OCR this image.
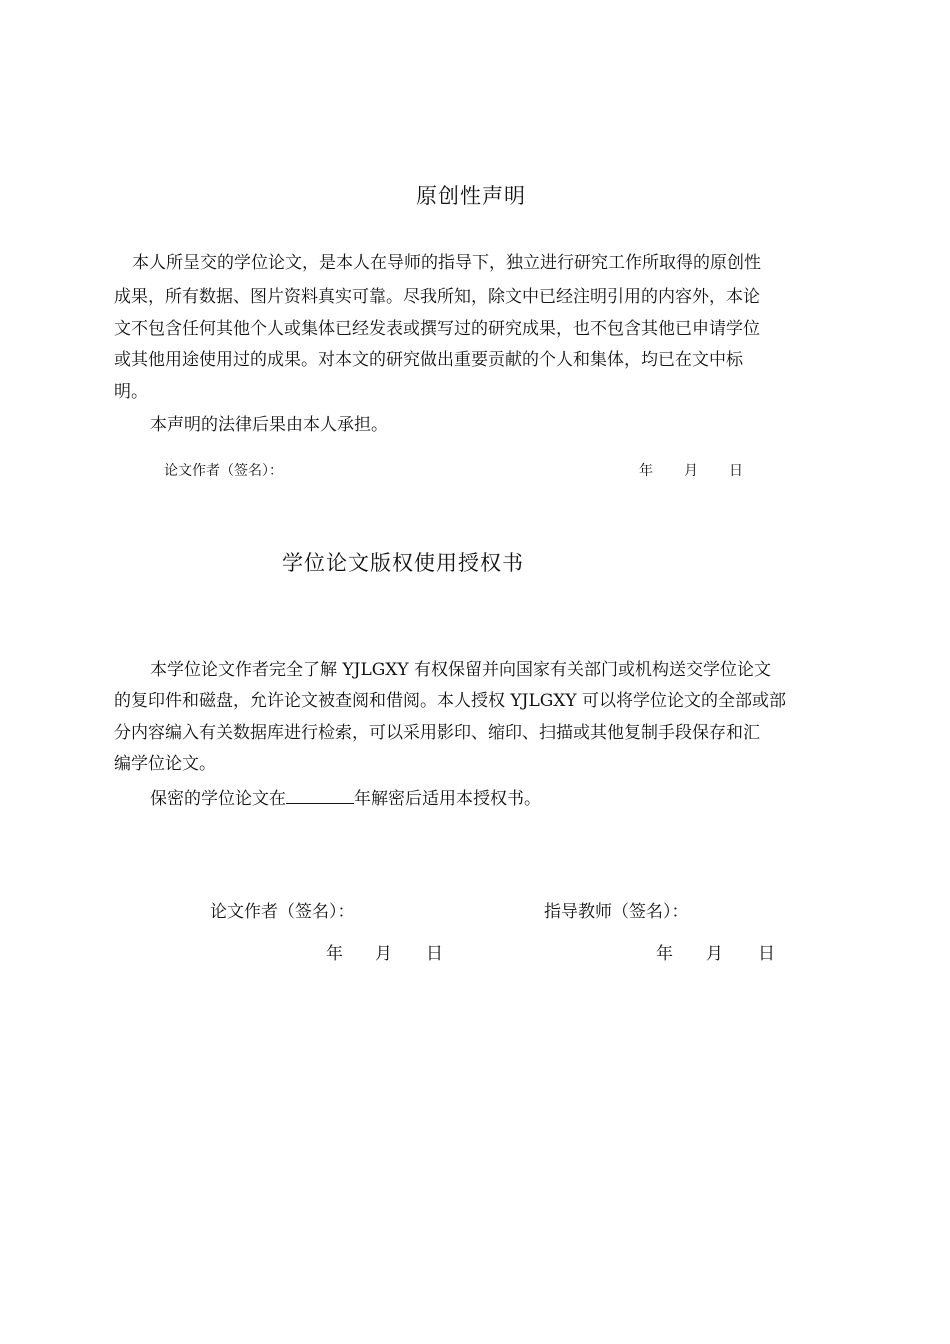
原创性声明
本人所呈交的学位论文，是本人在导师的指导下，独立进行研究工作所取得的原创性
成果，所有数据、图片资料真实可靠。尽我所知，除文中已经注明引用的内容外，本论
文不包含任何其他个人或集体已经发表或撰写过的研究成果，也不包含其他已申请学位
或其他用途使用过的成果。对本文的研究做出重要贡献的个人和集体，均已在文中标
明。
本声明的法律后果由本人承担。
论文作者（签名）：	年 月 日
学位论文版权使用授权书
本学位论文作者完全了解 YJLGXY 有权保留并向国家有关部门或机构送交学位论文
的复印件和磁盘，允许论文被查阅和借阅。本人授权 YJLGXY 可以将学位论文的全部或部
分内容编入有关数据库进行检索，可以采用影印、缩印、扫描或其他复制手段保存和汇
编学位论文。
保密的学位论文在	年解密后适用本授权书。
论文作者（签名）：	指导教师（签名）：
年 月 日	年 月 日
